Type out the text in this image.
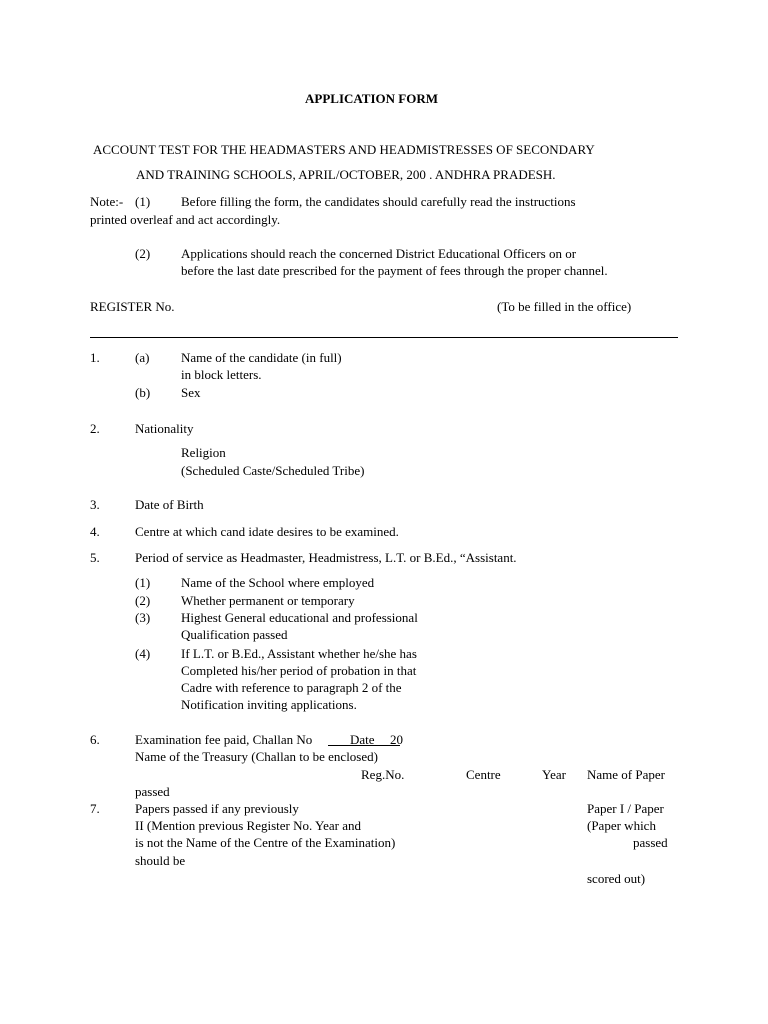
APPLICATION FORM
ACCOUNT TEST FOR THE HEADMASTERS AND HEADMISTRESSES OF SECONDARY
AND TRAINING SCHOOLS, APRIL/OCTOBER, 200 . ANDHRA PRADESH.
Note:- (1) Before filling the form, the candidates should carefully read the instructions
printed overleaf and act accordingly.
(2) Applications should reach the concerned District Educational Officers on or
before the last date prescribed for the payment of fees through the proper channel.
REGISTER No.	(To be filled in the office)
1.	(a) Name of the candidate (in full)
in block letters.
(b) Sex
2.	Nationality
Religion
(Scheduled Caste/Scheduled Tribe)
3.	Date of Birth
4.	Centre at which cand idate desires to be examined.
5.	Period of service as Headmaster, Headmistress, L.T. or B.Ed., “Assistant.
(1) Name of the School where employed
(2) Whether permanent or temporary
(3) Highest General educational and professional
Qualification passed
(4) If L.T. or B.Ed., Assistant whether he/she has
Completed his/her period of probation in that
Cadre with reference to paragraph 2 of the
Notification inviting applications.
6.	Examination fee paid, Challan No	Date 20
Name of the Treasury (Challan to be enclosed)
Reg.No.	Centre	Year Name of Paper
passed
7.	Papers passed if any previously
II (Mention previous Register No. Year and
is not the Name of the Centre of the Examination)
should be
Paper I / Paper
(Paper which
passed
scored out)
